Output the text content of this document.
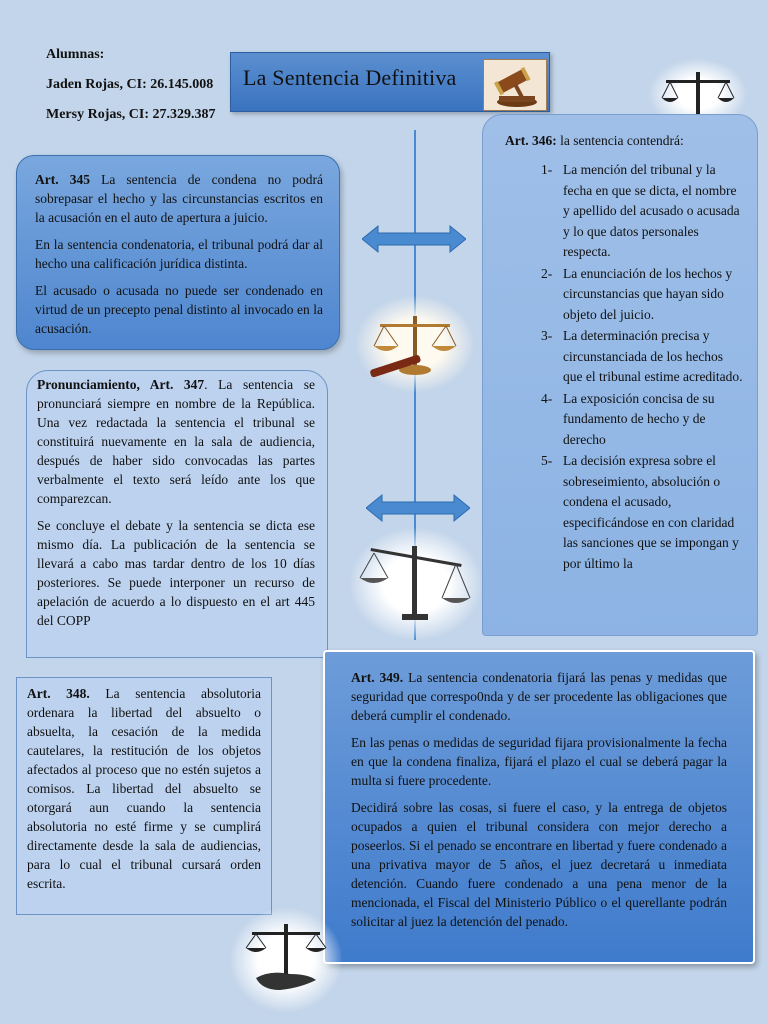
Alumnas:
Jaden Rojas, CI: 26.145.008
Mersy Rojas, CI: 27.329.387
La Sentencia Definitiva

Art. 345 La sentencia de condena no podrá sobrepasar el hecho y las circunstancias escritos en la acusación en el auto de apertura a juicio.

En la sentencia condenatoria, el tribunal podrá dar al hecho una calificación jurídica distinta.

El acusado o acusada no puede ser condenado en virtud de un precepto penal distinto al invocado en la acusación.

Art. 346: la sentencia contendrá:
1- La mención del tribunal y la fecha en que se dicta, el nombre y apellido del acusado o acusada y lo que datos personales respecta.
2- La enunciación de los hechos y circunstancias que hayan sido objeto del juicio.
3- La determinación precisa y circunstanciada de los hechos que el tribunal estime acreditado.
4- La exposición concisa de su fundamento de hecho y de derecho
5- La decisión expresa sobre el sobreseimiento, absolución o condena el acusado, especificándose en con claridad las sanciones que se impongan y por último la

Pronunciamiento, Art. 347. La sentencia se pronunciará siempre en nombre de la República. Una vez redactada la sentencia el tribunal se constituirá nuevamente en la sala de audiencia, después de haber sido convocadas las partes verbalmente el texto será leído ante los que comparezcan.

Se concluye el debate y la sentencia se dicta ese mismo día. La publicación de la sentencia se llevará a cabo mas tardar dentro de los 10 días posteriores. Se puede interponer un recurso de apelación de acuerdo a lo dispuesto en el art 445 del COPP

Art. 348. La sentencia absolutoria ordenara la libertad del absuelto o absuelta, la cesación de la medida cautelares, la restitución de los objetos afectados al proceso que no estén sujetos a comisos. La libertad del absuelto se otorgará aun cuando la sentencia absolutoria no esté firme y se cumplirá directamente desde la sala de audiencias, para lo cual el tribunal cursará orden escrita.

Art. 349. La sentencia condenatoria fijará las penas y medidas que seguridad que correspo0nda y de ser procedente las obligaciones que deberá cumplir el condenado.

En las penas o medidas de seguridad fijara provisionalmente la fecha en que la condena finaliza, fijará el plazo el cual se deberá pagar la multa si fuere procedente.

Decidirá sobre las cosas, si fuere el caso, y la entrega de objetos ocupados a quien el tribunal considera con mejor derecho a poseerlos. Si el penado se encontrare en libertad y fuere condenado a una privativa mayor de 5 años, el juez decretará u inmediata detención. Cuando fuere condenado a una pena menor de la mencionada, el Fiscal del Ministerio Público o el querellante podrán solicitar al juez la detención del penado.
